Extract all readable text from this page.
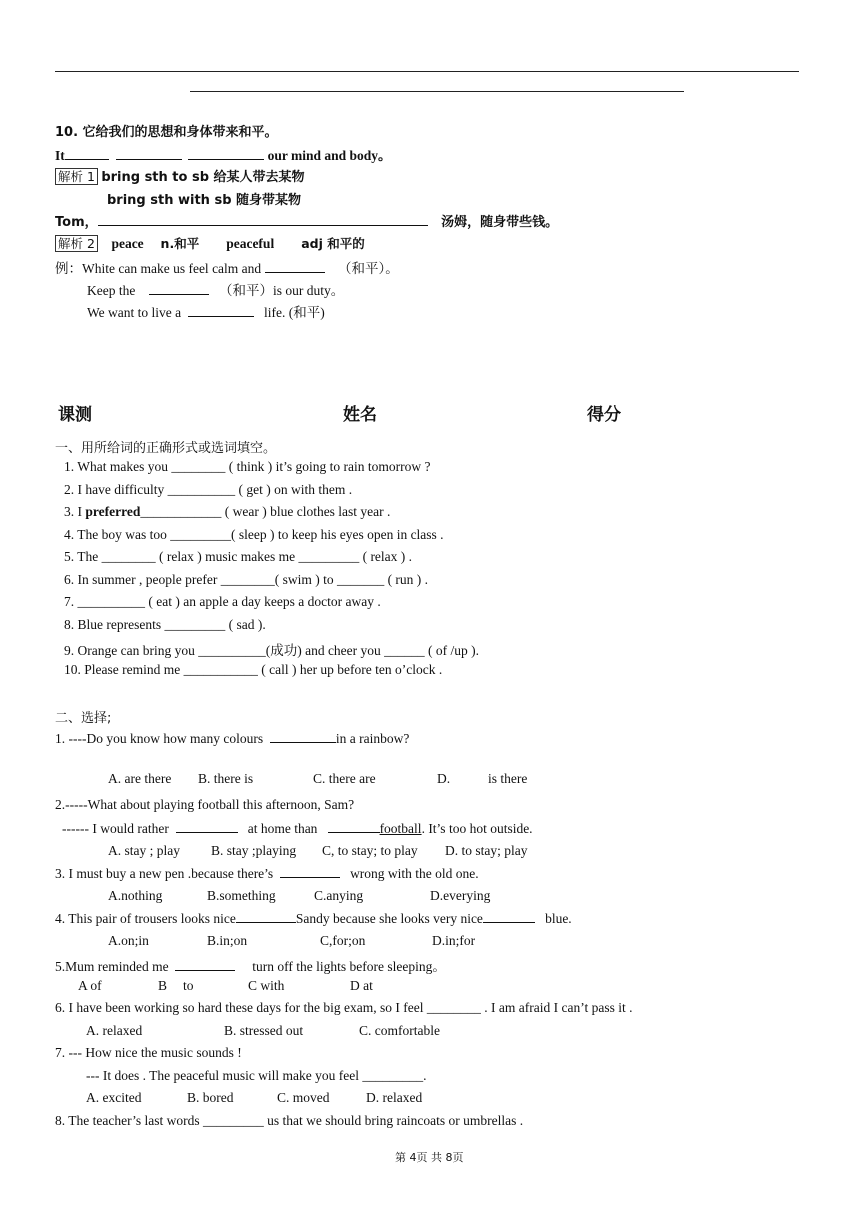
10. 它给我们的思想和身体带来和平。
It	our mind and body。
解析 1 bring sth to sb 给某人带去某物
bring sth with sb 随身带某物
Tom，	汤姆，随身带些钱。
解析 2 peace n.和平 peaceful adj 和平的
例：White can make us feel calm and	（和平）。
Keep the	（和平）is our duty。
We want to live a	life. (和平)
课测	姓名	得分
一、用所给词的正确形式或选词填空。
1. What makes you ________ ( think ) it’s going to rain tomorrow ?
2. I have difficulty __________ ( get ) on with them .
3. I preferred____________ ( wear ) blue clothes last year .
4. The boy was too _________( sleep ) to keep his eyes open in class .
5. The ________ ( relax ) music makes me _________ ( relax ) .
6. In summer , people prefer ________( swim ) to _______ ( run ) .
7. __________ ( eat ) an apple a day keeps a doctor away .
8. Blue represents _________ ( sad ).
9. Orange can bring you __________(成功) and cheer you ______ ( of /up ).
10. Please remind me ___________ ( call ) her up before ten o’clock .
二、选择;
1. ----Do you know how many colours	in a rainbow?
A. are there B. there is	C. there are	D.	is there
2.-----What about playing football this afternoon, Sam?
------ I would rather	at home than	football. It’s too hot outside.
A. stay ; play B. stay ;playing C, to stay; to play D. to stay; play
3. I must buy a new pen .because there’s	wrong with the old one.
A.nothing	B.something	C.anying	D.everying
4. This pair of trousers looks nice	Sandy because she looks very nice	blue.
A.on;in	B.in;on	C,for;on	D.in;for
5.Mum reminded me	turn off the lights before sleeping。
A of	B to	C with	D at
6. I have been working so hard these days for the big exam, so I feel ________ . I am afraid I can’t pass it .
A. relaxed	B. stressed out	C. comfortable
7. --- How nice the music sounds !
--- It does . The peaceful music will make you feel _________.
A. excited	B. bored	C. moved	D. relaxed
8. The teacher’s last words _________ us that we should bring raincoats or umbrellas .
第 4页 共 8页
